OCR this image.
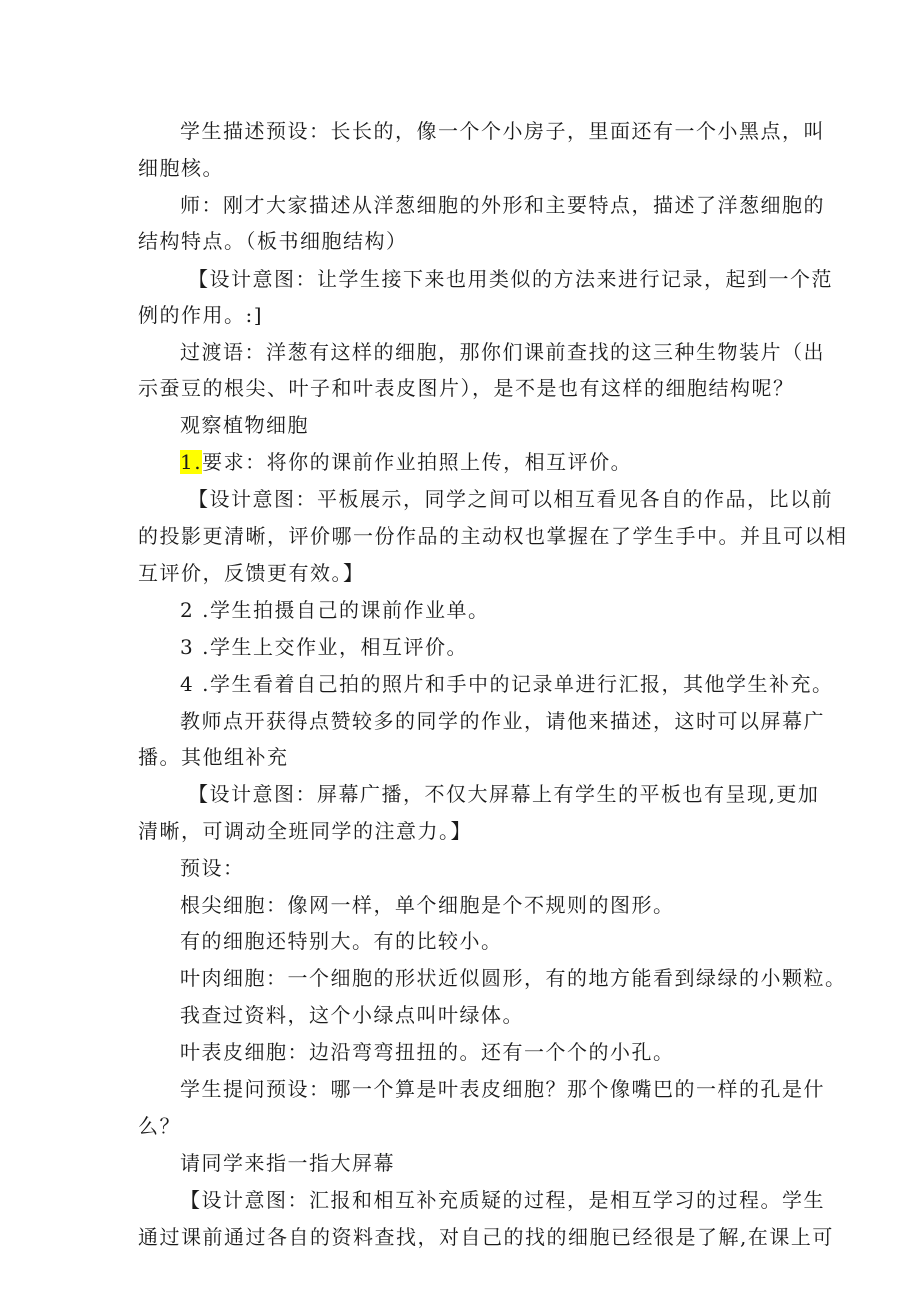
学生描述预设：长长的，像一个个小房子，里面还有一个小黑点，叫
细胞核。
师：刚才大家描述从洋葱细胞的外形和主要特点，描述了洋葱细胞的
结构特点。（板书细胞结构）
【设计意图：让学生接下来也用类似的方法来进行记录，起到一个范
例的作用。:]
过渡语：洋葱有这样的细胞，那你们课前查找的这三种生物装片（出
示蚕豆的根尖、叶子和叶表皮图片），是不是也有这样的细胞结构呢？
观察植物细胞
1.要求：将你的课前作业拍照上传，相互评价。
【设计意图：平板展示，同学之间可以相互看见各自的作品，比以前
的投影更清晰，评价哪一份作品的主动权也掌握在了学生手中。并且可以相
互评价，反馈更有效。】
2 .学生拍摄自己的课前作业单。
3 .学生上交作业，相互评价。
4 .学生看着自己拍的照片和手中的记录单进行汇报，其他学生补充。
教师点开获得点赞较多的同学的作业，请他来描述，这时可以屏幕广
播。其他组补充
【设计意图：屏幕广播，不仅大屏幕上有学生的平板也有呈现,更加
清晰，可调动全班同学的注意力。】
预设：
根尖细胞：像网一样，单个细胞是个不规则的图形。
有的细胞还特别大。有的比较小。
叶肉细胞：一个细胞的形状近似圆形，有的地方能看到绿绿的小颗粒。
我查过资料，这个小绿点叫叶绿体。
叶表皮细胞：边沿弯弯扭扭的。还有一个个的小孔。
学生提问预设：哪一个算是叶表皮细胞？那个像嘴巴的一样的孔是什
么？
请同学来指一指大屏幕
【设计意图：汇报和相互补充质疑的过程，是相互学习的过程。学生
通过课前通过各自的资料查找，对自己的找的细胞已经很是了解,在课上可
